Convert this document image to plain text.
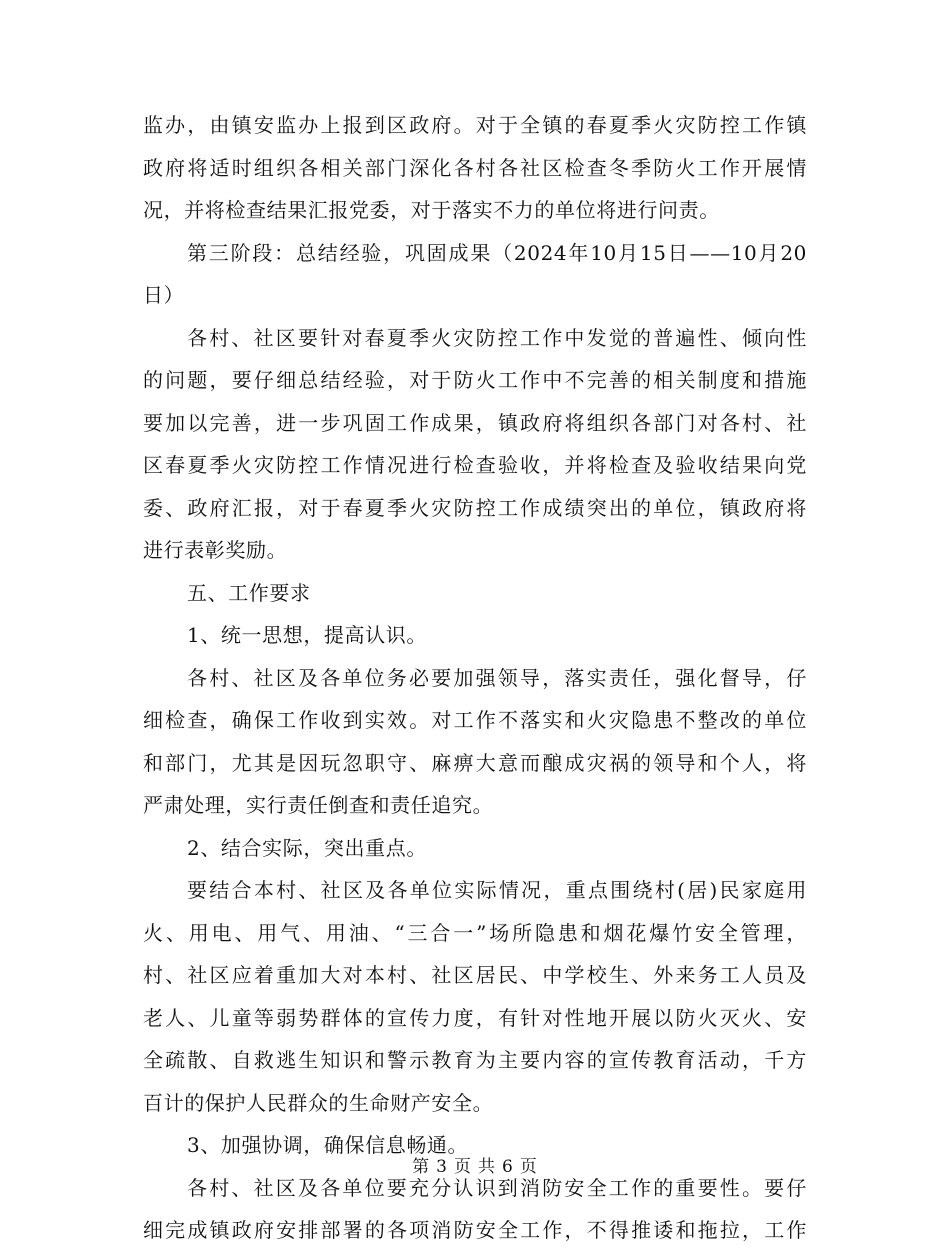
监办，由镇安监办上报到区政府。对于全镇的春夏季火灾防控工作镇
政府将适时组织各相关部门深化各村各社区检查冬季防火工作开展情
况，并将检查结果汇报党委，对于落实不力的单位将进行问责。
第三阶段：总结经验，巩固成果（2024年10月15日——10月20
日）
各村、社区要针对春夏季火灾防控工作中发觉的普遍性、倾向性
的问题，要仔细总结经验，对于防火工作中不完善的相关制度和措施
要加以完善，进一步巩固工作成果，镇政府将组织各部门对各村、社
区春夏季火灾防控工作情况进行检查验收，并将检查及验收结果向党
委、政府汇报，对于春夏季火灾防控工作成绩突出的单位，镇政府将
进行表彰奖励。
五、工作要求
1、统一思想，提高认识。
各村、社区及各单位务必要加强领导，落实责任，强化督导，仔
细检查，确保工作收到实效。对工作不落实和火灾隐患不整改的单位
和部门，尤其是因玩忽职守、麻痹大意而酿成灾祸的领导和个人，将
严肃处理，实行责任倒查和责任追究。
2、结合实际，突出重点。
要结合本村、社区及各单位实际情况，重点围绕村(居)民家庭用
火、用电、用气、用油、“三合一”场所隐患和烟花爆竹安全管理，
村、社区应着重加大对本村、社区居民、中学校生、外来务工人员及
老人、儿童等弱势群体的宣传力度，有针对性地开展以防火灭火、安
全疏散、自救逃生知识和警示教育为主要内容的宣传教育活动，千方
百计的保护人民群众的生命财产安全。
3、加强协调，确保信息畅通。
各村、社区及各单位要充分认识到消防安全工作的重要性。要仔
细完成镇政府安排部署的各项消防安全工作，不得推诿和拖拉，工作
第 3 页 共 6 页
